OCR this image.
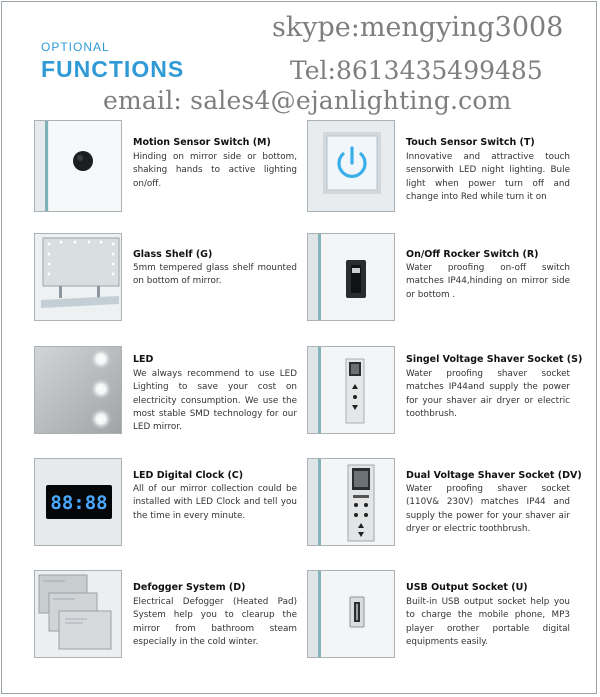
OPTIONAL
FUNCTIONS
skype:mengying3008
Tel:8613435499485
email: sales4@ejanlighting.com
Motion Sensor Switch (M)
Hinding on mirror side or bottom, shaking hands to active lighting on/off.
Touch Sensor Switch (T)
Innovative and attractive touch sensorwith LED night lighting. Bule light when power turn off and change into Red while turn it on
Glass Shelf (G)
5mm tempered glass shelf mounted on bottom of mirror.
On/Off Rocker Switch (R)
Water proofing on-off switch matches IP44,hinding on mirror side or bottom .
LED
We always recommend to use LED Lighting to save your cost on electricity consumption. We use the most stable SMD technology for our LED mirror.
Singel Voltage Shaver Socket (S)
Water proofing shaver socket matches IP44and supply the power for your shaver air dryer or electric toothbrush.
88:88
LED Digital Clock (C)
All of our mirror collection could be installed with LED Clock and tell you the time in every minute.
Dual Voltage Shaver Socket (DV)
Water proofing shaver socket (110V& 230V) matches IP44 and supply the power for your shaver air dryer or electric toothbrush.
Defogger System (D)
Electrical Defogger (Heated Pad) System help you to clearup the mirror from bathroom steam especially in the cold winter.
USB Output Socket (U)
Built-in USB output socket help you to charge the mobile phone, MP3 player orother portable digital equipments easily.
